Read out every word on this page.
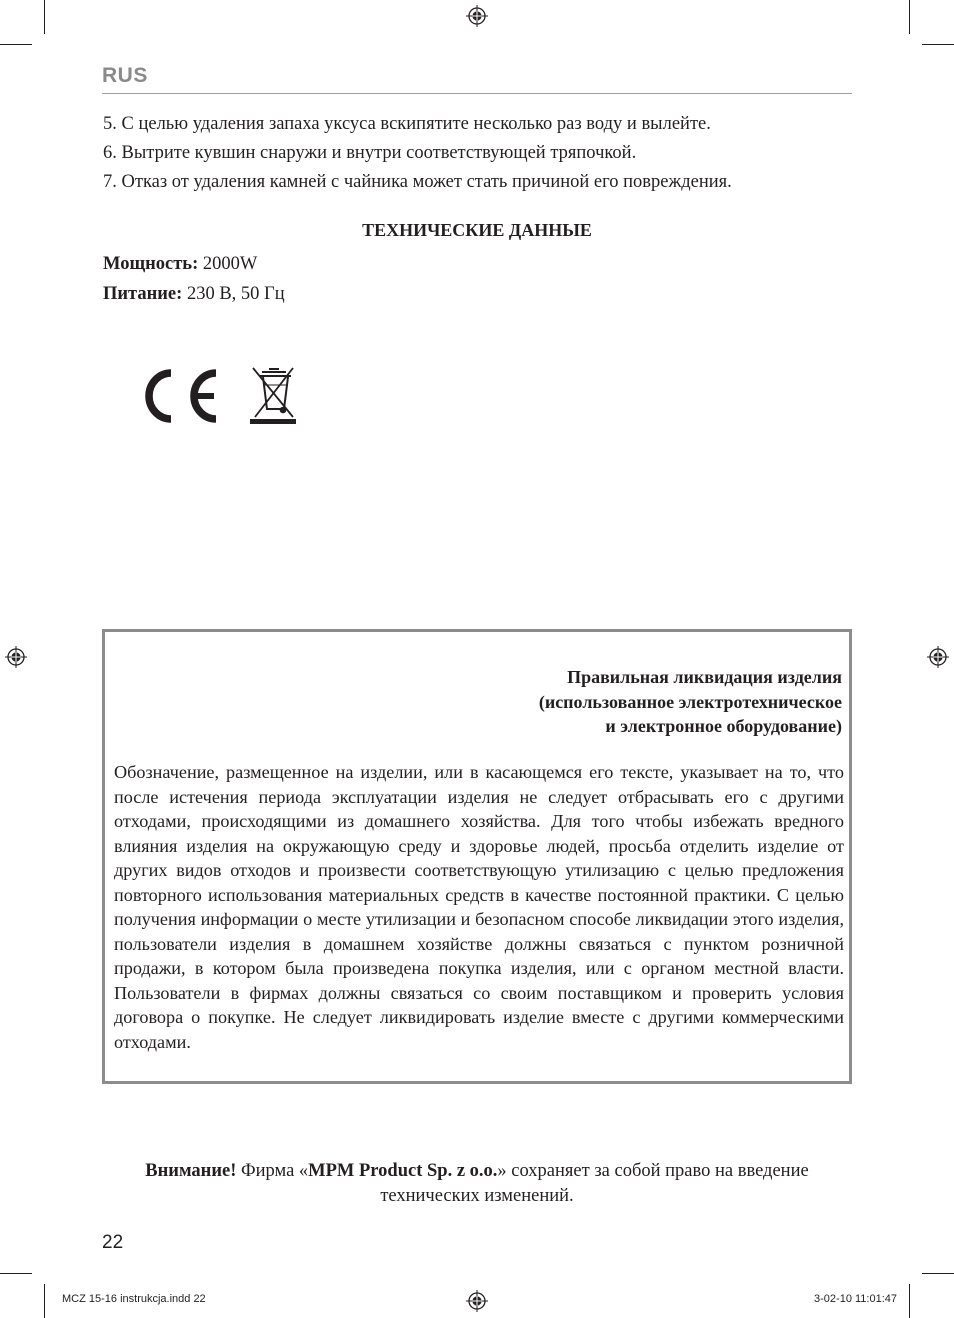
RUS
5. С целью удаления запаха уксуса вскипятите несколько раз воду и вылейте.
6. Вытрите кувшин снаружи и внутри соответствующей тряпочкой.
7. Отказ от удаления камней с чайника может стать причиной его повреждения.
ТЕХНИЧЕСКИЕ ДАННЫЕ
Мощность: 2000W
Питание: 230 В, 50 Гц
Правильная ликвидация изделия
(использованное электротехническое
и электронное оборудование)
Обозначение, размещенное на изделии, или в касающемся его тексте, указывает на то, что после истечения периода эксплуатации изделия не следует отбрасывать его с другими отходами, происходящими из домашнего хозяйства. Для того чтобы избежать вредного влияния изделия на окружающую среду и здоровье людей, просьба отделить изделие от других видов отходов и произвести соответствующую утилизацию с целью предложения повторного использования материальных средств в качестве постоянной практики. С целью получения информации о месте утилизации и безопасном способе ликвидации этого изделия, пользователи изделия в домашнем хозяйстве должны связаться с пунктом розничной продажи, в котором была произведена покупка изделия, или с органом местной власти. Пользователи в фирмах должны связаться со своим поставщиком и проверить условия договора о покупке. Не следует ликвидировать изделие вместе с другими коммерческими отходами.
Внимание! Фирма «MPM Product Sp. z o.o.» сохраняет за собой право на введение технических изменений.
22
MCZ 15-16 instrukcja.indd 22	3-02-10 11:01:47
